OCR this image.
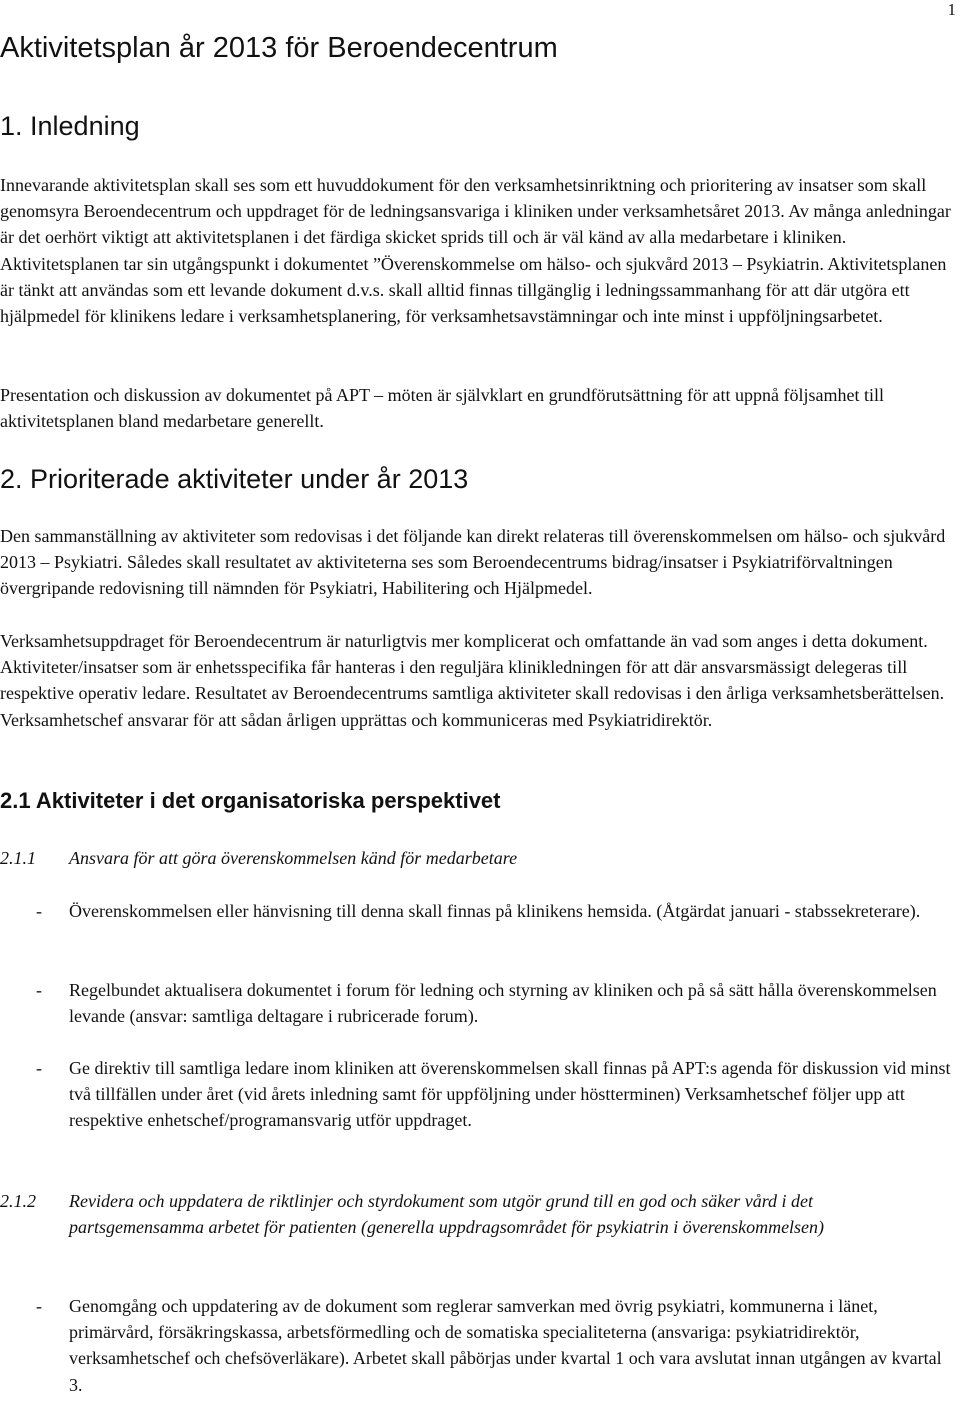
1
Aktivitetsplan år 2013 för Beroendecentrum
1. Inledning

Innevarande aktivitetsplan skall ses som ett huvuddokument för den verksamhetsinriktning och prioritering av insatser som skall genomsyra Beroendecentrum och uppdraget för de ledningsansvariga i kliniken under verksamhetsåret 2013. Av många anledningar är det oerhört viktigt att aktivitetsplanen i det färdiga skicket sprids till och är väl känd av alla medarbetare i kliniken. Aktivitetsplanen tar sin utgångspunkt i dokumentet ”Överenskommelse om hälso- och sjukvård 2013 – Psykiatrin. Aktivitetsplanen är tänkt att användas som ett levande dokument d.v.s. skall alltid finnas tillgänglig i ledningssammanhang för att där utgöra ett hjälpmedel för klinikens ledare i verksamhetsplanering, för verksamhetsavstämningar och inte minst i uppföljningsarbetet.

Presentation och diskussion av dokumentet på APT – möten är självklart en grundförutsättning för att uppnå följsamhet till aktivitetsplanen bland medarbetare generellt.

2. Prioriterade aktiviteter under år 2013

Den sammanställning av aktiviteter som redovisas i det följande kan direkt relateras till överenskommelsen om hälso- och sjukvård 2013 – Psykiatri. Således skall resultatet av aktiviteterna ses som Beroendecentrums bidrag/insatser i Psykiatriförvaltningen övergripande redovisning till nämnden för Psykiatri, Habilitering och Hjälpmedel.

Verksamhetsuppdraget för Beroendecentrum är naturligtvis mer komplicerat och omfattande än vad som anges i detta dokument. Aktiviteter/insatser som är enhetsspecifika får hanteras i den reguljära klinikledningen för att där ansvarsmässigt delegeras till respektive operativ ledare. Resultatet av Beroendecentrums samtliga aktiviteter skall redovisas i den årliga verksamhetsberättelsen. Verksamhetschef ansvarar för att sådan årligen upprättas och kommuniceras med Psykiatridirektör.

2.1 Aktiviteter i det organisatoriska perspektivet

2.1.1	Ansvara för att göra överenskommelsen känd för medarbetare

- Överenskommelsen eller hänvisning till denna skall finnas på klinikens hemsida. (Åtgärdat januari - stabssekreterare).
- Regelbundet aktualisera dokumentet i forum för ledning och styrning av kliniken och på så sätt hålla överenskommelsen levande (ansvar: samtliga deltagare i rubricerade forum).
- Ge direktiv till samtliga ledare inom kliniken att överenskommelsen skall finnas på APT:s agenda för diskussion vid minst två tillfällen under året (vid årets inledning samt för uppföljning under höstterminen) Verksamhetschef följer upp att respektive enhetschef/programansvarig utför uppdraget.

2.1.2	Revidera och uppdatera de riktlinjer och styrdokument som utgör grund till en god och säker vård i det partsgemensamma arbetet för patienten (generella uppdragsområdet för psykiatrin i överenskommelsen)

- Genomgång och uppdatering av de dokument som reglerar samverkan med övrig psykiatri, kommunerna i länet, primärvård, försäkringskassa, arbetsförmedling och de somatiska specialiteterna (ansvariga: psykiatridirektör, verksamhetschef och chefsöverläkare). Arbetet skall påbörjas under kvartal 1 och vara avslutat innan utgången av kvartal 3.
